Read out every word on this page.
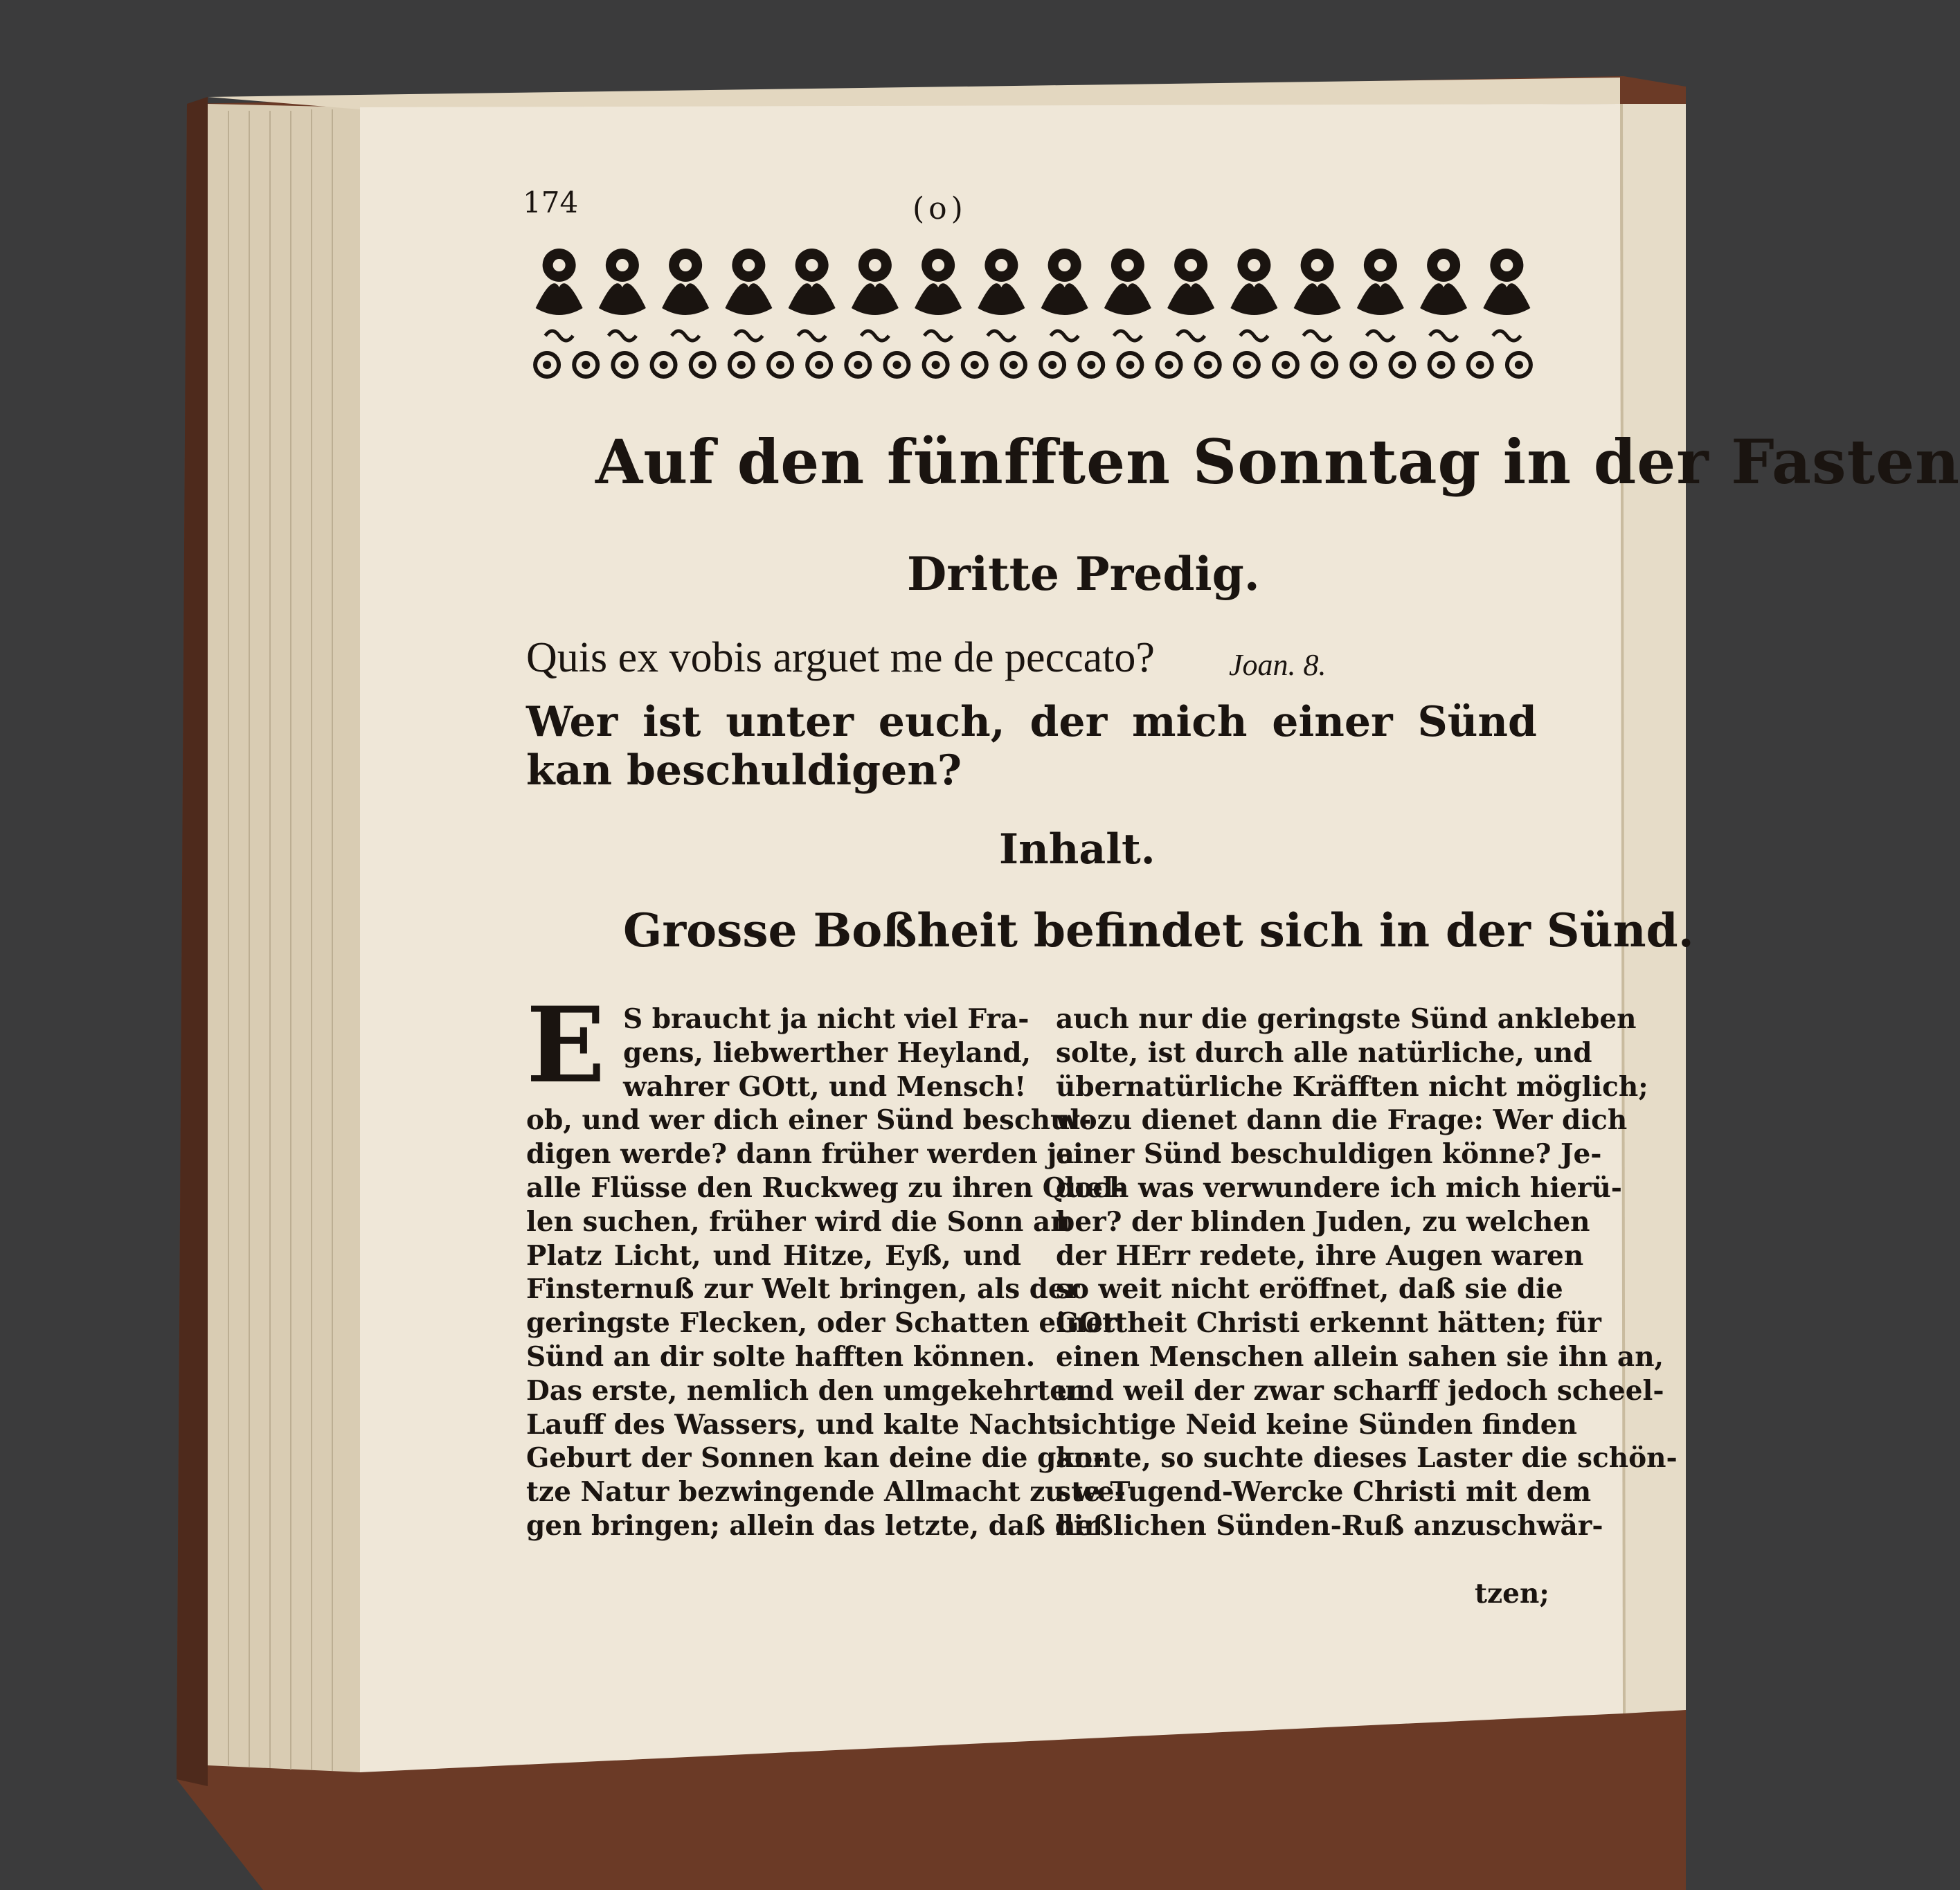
174	(o)
Auf den fünfften Sonntag in der Fasten
Dritte Predig.
Quis ex vobis arguet me de peccato? Joan. 8.
Wer ist unter euch, der mich einer Sünd kan beschuldigen?
Inhalt.
Grosse Boßheit befindet sich in der Sünd.
E S braucht ja nicht viel Fra-
gens, liebwerther Heyland,
wahrer GOtt, und Mensch!
ob, und wer dich einer Sünd beschul-
digen werde? dann früher werden ja
alle Flüsse den Ruckweg zu ihren Quel-
len suchen, früher wird die Sonn an
Platz Licht, und Hitze, Eyß, und
Finsternuß zur Welt bringen, als der
geringste Flecken, oder Schatten einer
Sünd an dir solte hafften können.
Das erste, nemlich den umgekehrten
Lauff des Wassers, und kalte Nacht-
Geburt der Sonnen kan deine die gan-
tze Natur bezwingende Allmacht zu we-
gen bringen; allein das letzte, daß dir
auch nur die geringste Sünd ankleben
solte, ist durch alle natürliche, und
übernatürliche Kräfften nicht möglich;
wozu dienet dann die Frage: Wer dich
einer Sünd beschuldigen könne? Je-
doch was verwundere ich mich hierü-
ber? der blinden Juden, zu welchen
der HErr redete, ihre Augen waren
so weit nicht eröffnet, daß sie die
GOttheit Christi erkennt hätten; für
einen Menschen allein sahen sie ihn an,
und weil der zwar scharff jedoch scheel-
sichtige Neid keine Sünden finden
konte, so suchte dieses Laster die schön-
ste Tugend-Wercke Christi mit dem
heßlichen Sünden-Ruß anzuschwär-
tzen;
